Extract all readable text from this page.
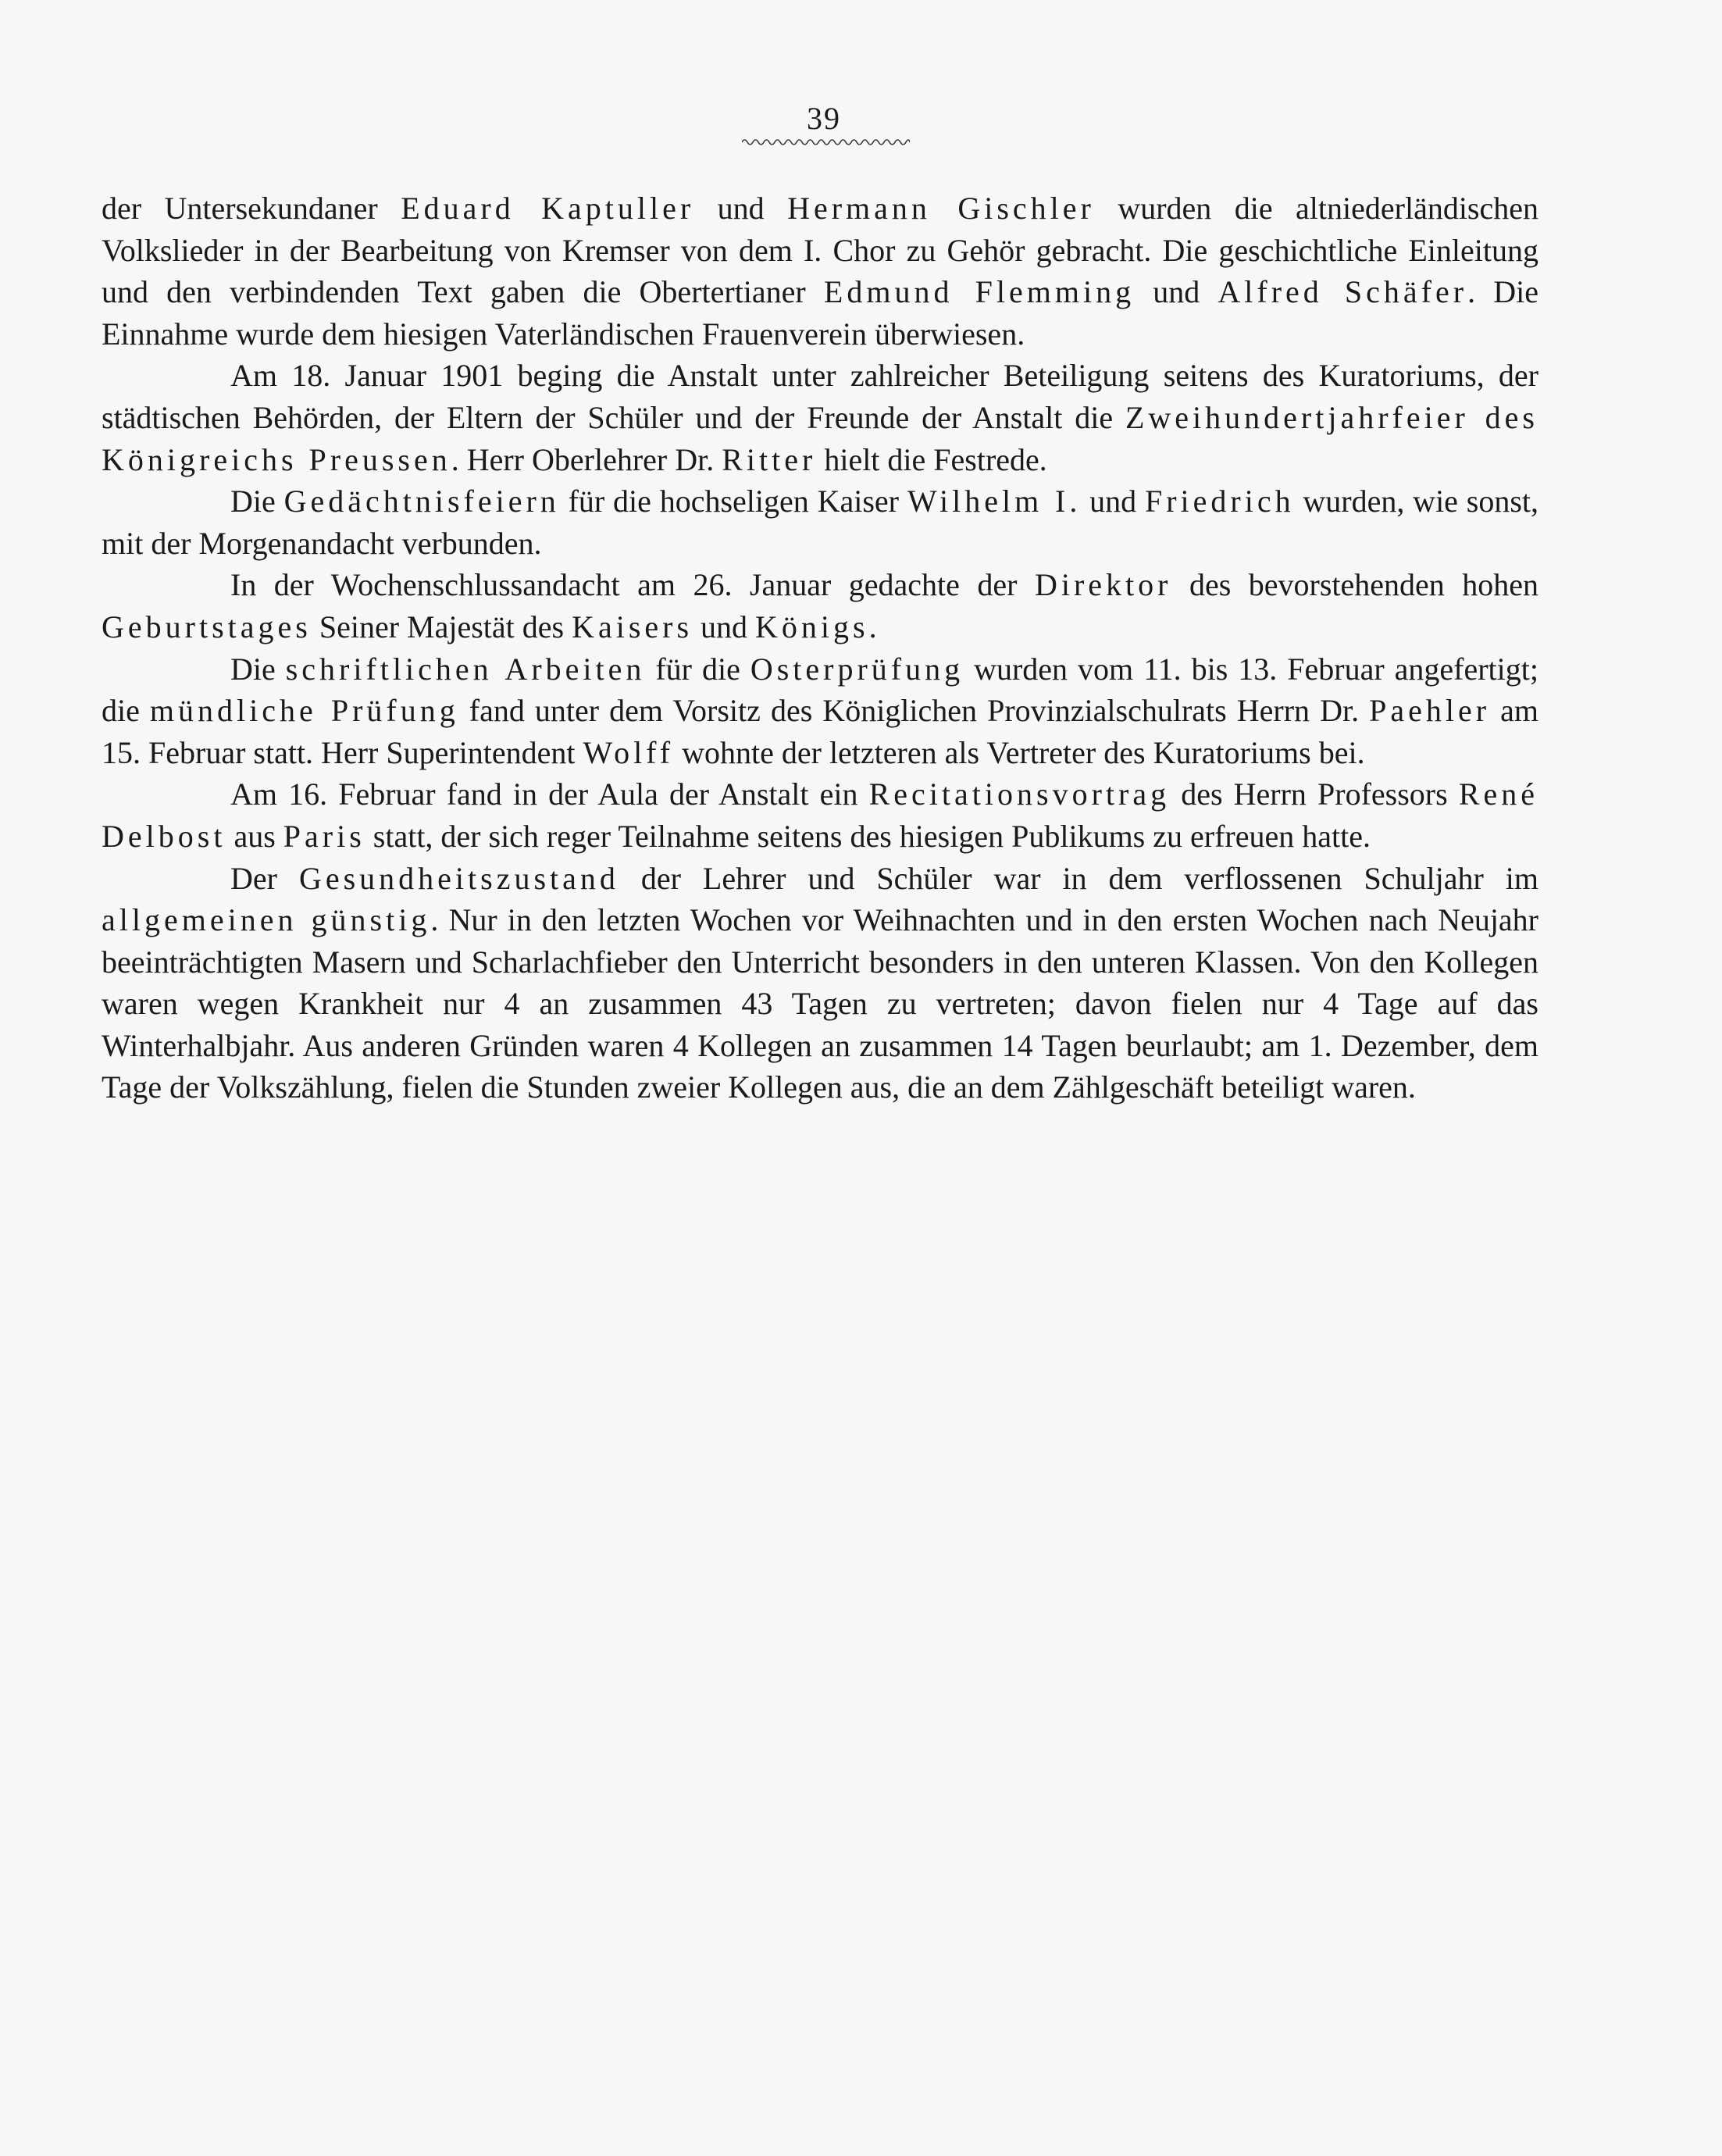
39

der Untersekundaner Eduard Kaptuller und Hermann Gischler wurden die altniederländischen Volkslieder in der Bearbeitung von Kremser von dem I. Chor zu Gehör gebracht. Die geschichtliche Einleitung und den verbindenden Text gaben die Obertertianer Edmund Flemming und Alfred Schäfer. Die Einnahme wurde dem hiesigen Vaterländischen Frauenverein überwiesen.

Am 18. Januar 1901 beging die Anstalt unter zahlreicher Beteiligung seitens des Kuratoriums, der städtischen Behörden, der Eltern der Schüler und der Freunde der Anstalt die Zweihundertjahrfeier des Königreichs Preussen. Herr Oberlehrer Dr. Ritter hielt die Festrede.

Die Gedächtnisfeiern für die hochseligen Kaiser Wilhelm I. und Friedrich wurden, wie sonst, mit der Morgenandacht verbunden.

In der Wochenschlussandacht am 26. Januar gedachte der Direktor des bevorstehenden hohen Geburtstages Seiner Majestät des Kaisers und Königs.

Die schriftlichen Arbeiten für die Osterprüfung wurden vom 11. bis 13. Februar angefertigt; die mündliche Prüfung fand unter dem Vorsitz des Königlichen Provinzialschulrats Herrn Dr. Paehler am 15. Februar statt. Herr Superintendent Wolff wohnte der letzteren als Vertreter des Kuratoriums bei.

Am 16. Februar fand in der Aula der Anstalt ein Recitationsvortrag des Herrn Professors René Delbost aus Paris statt, der sich reger Teilnahme seitens des hiesigen Publikums zu erfreuen hatte.

Der Gesundheitszustand der Lehrer und Schüler war in dem verflossenen Schuljahr im allgemeinen günstig. Nur in den letzten Wochen vor Weihnachten und in den ersten Wochen nach Neujahr beeinträchtigten Masern und Scharlachfieber den Unterricht besonders in den unteren Klassen. Von den Kollegen waren wegen Krankheit nur 4 an zusammen 43 Tagen zu vertreten; davon fielen nur 4 Tage auf das Winterhalbjahr. Aus anderen Gründen waren 4 Kollegen an zusammen 14 Tagen beurlaubt; am 1. Dezember, dem Tage der Volkszählung, fielen die Stunden zweier Kollegen aus, die an dem Zählgeschäft beteiligt waren.
